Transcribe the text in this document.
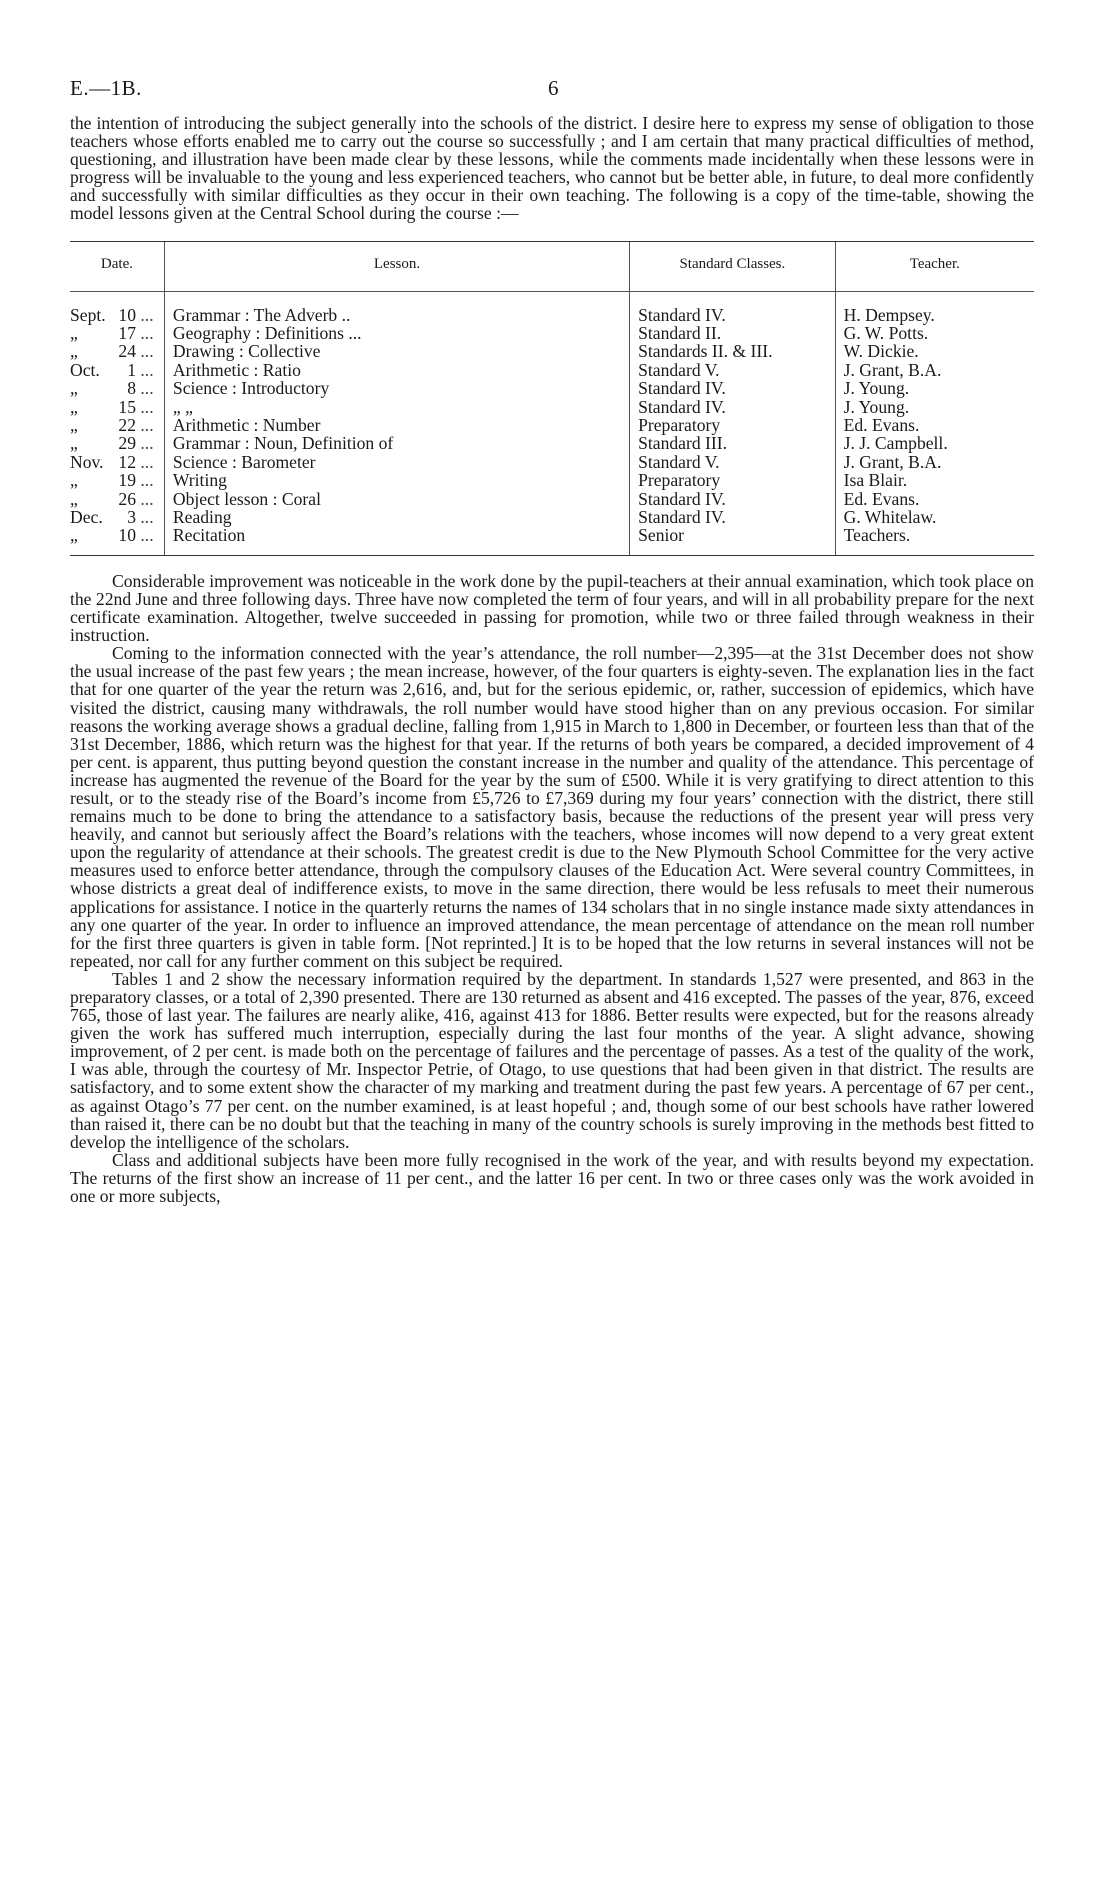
E.—1B.	6

the intention of introducing the subject generally into the schools of the district. I desire here to express my sense of obligation to those teachers whose efforts enabled me to carry out the course so successfully ; and I am certain that many practical difficulties of method, questioning, and illustration have been made clear by these lessons, while the comments made incidentally when these lessons were in progress will be invaluable to the young and less experienced teachers, who cannot but be better able, in future, to deal more confidently and successfully with similar difficulties as they occur in their own teaching. The following is a copy of the time-table, showing the model lessons given at the Central School during the course :—

Date.	Lesson.	Standard Classes.	Teacher.
Sept. 10 ...	Grammar : The Adverb ..	Standard IV.	H. Dempsey.
„ 17 ...	Geography : Definitions ...	Standard II.	G. W. Potts.
„ 24 ...	Drawing : Collective	Standards II. & III.	W. Dickie.
Oct. 1 ...	Arithmetic : Ratio	Standard V.	J. Grant, B.A.
„ 8 ...	Science : Introductory	Standard IV.	J. Young.
„ 15 ...	„ „	Standard IV.	J. Young.
„ 22 ...	Arithmetic : Number	Preparatory	Ed. Evans.
„ 29 ...	Grammar : Noun, Definition of	Standard III.	J. J. Campbell.
Nov. 12 ...	Science : Barometer	Standard V.	J. Grant, B.A.
„ 19 ...	Writing	Preparatory	Isa Blair.
„ 26 ...	Object lesson : Coral	Standard IV.	Ed. Evans.
Dec. 3 ...	Reading	Standard IV.	G. Whitelaw.
„ 10 ...	Recitation	Senior	Teachers.

Considerable improvement was noticeable in the work done by the pupil-teachers at their annual examination, which took place on the 22nd June and three following days. Three have now completed the term of four years, and will in all probability prepare for the next certificate examination. Altogether, twelve succeeded in passing for promotion, while two or three failed through weakness in their instruction.

Coming to the information connected with the year’s attendance, the roll number—2,395—at the 31st December does not show the usual increase of the past few years ; the mean increase, however, of the four quarters is eighty-seven. The explanation lies in the fact that for one quarter of the year the return was 2,616, and, but for the serious epidemic, or, rather, succession of epidemics, which have visited the district, causing many withdrawals, the roll number would have stood higher than on any previous occasion. For similar reasons the working average shows a gradual decline, falling from 1,915 in March to 1,800 in December, or fourteen less than that of the 31st December, 1886, which return was the highest for that year. If the returns of both years be compared, a decided improvement of 4 per cent. is apparent, thus putting beyond question the constant increase in the number and quality of the attendance. This percentage of increase has augmented the revenue of the Board for the year by the sum of £500. While it is very gratifying to direct attention to this result, or to the steady rise of the Board’s income from £5,726 to £7,369 during my four years’ connection with the district, there still remains much to be done to bring the attendance to a satisfactory basis, because the reductions of the present year will press very heavily, and cannot but seriously affect the Board’s relations with the teachers, whose incomes will now depend to a very great extent upon the regularity of attendance at their schools. The greatest credit is due to the New Plymouth School Committee for the very active measures used to enforce better attendance, through the compulsory clauses of the Education Act. Were several country Committees, in whose districts a great deal of indifference exists, to move in the same direction, there would be less refusals to meet their numerous applications for assistance. I notice in the quarterly returns the names of 134 scholars that in no single instance made sixty attendances in any one quarter of the year. In order to influence an improved attendance, the mean percentage of attendance on the mean roll number for the first three quarters is given in table form. [Not reprinted.] It is to be hoped that the low returns in several instances will not be repeated, nor call for any further comment on this subject be required.

Tables 1 and 2 show the necessary information required by the department. In standards 1,527 were presented, and 863 in the preparatory classes, or a total of 2,390 presented. There are 130 returned as absent and 416 excepted. The passes of the year, 876, exceed 765, those of last year. The failures are nearly alike, 416, against 413 for 1886. Better results were expected, but for the reasons already given the work has suffered much interruption, especially during the last four months of the year. A slight advance, showing improvement, of 2 per cent. is made both on the percentage of failures and the percentage of passes. As a test of the quality of the work, I was able, through the courtesy of Mr. Inspector Petrie, of Otago, to use questions that had been given in that district. The results are satisfactory, and to some extent show the character of my marking and treatment during the past few years. A percentage of 67 per cent., as against Otago’s 77 per cent. on the number examined, is at least hopeful ; and, though some of our best schools have rather lowered than raised it, there can be no doubt but that the teaching in many of the country schools is surely improving in the methods best fitted to develop the intelligence of the scholars.

Class and additional subjects have been more fully recognised in the work of the year, and with results beyond my expectation. The returns of the first show an increase of 11 per cent., and the latter 16 per cent. In two or three cases only was the work avoided in one or more subjects,
